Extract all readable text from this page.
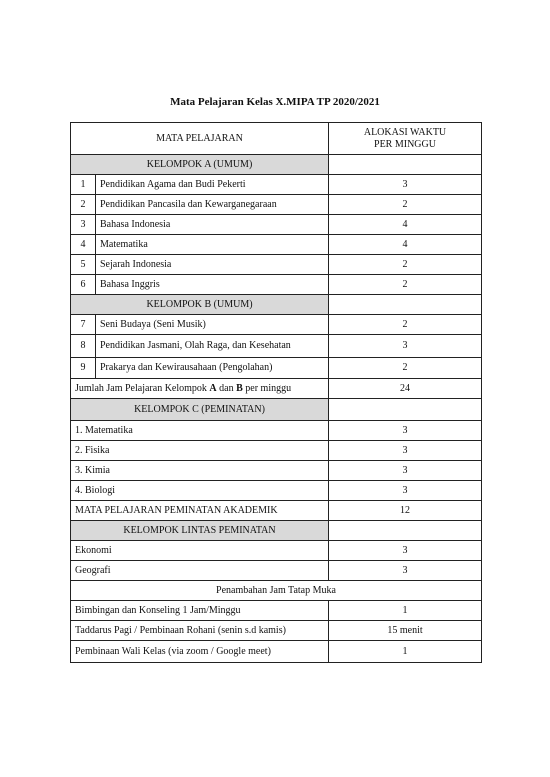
Mata Pelajaran Kelas X.MIPA TP 2020/2021
MATA PELAJARAN		ALOKASI WAKTU
PER MINGGU
KELOMPOK A (UMUM)		
1	Pendidikan Agama dan Budi Pekerti	3
2	Pendidikan Pancasila dan Kewarganegaraan	2
3	Bahasa Indonesia	4
4	Matematika	4
5	Sejarah Indonesia	2
6	Bahasa Inggris	2
KELOMPOK B (UMUM)		
7	Seni Budaya (Seni Musik)	2
8	Pendidikan Jasmani, Olah Raga, dan Kesehatan	3
9	Prakarya dan Kewirausahaan (Pengolahan)	2
Jumlah Jam Pelajaran Kelompok A dan B per minggu		24
KELOMPOK C (PEMINATAN)		
1. Matematika		3
2. Fisika		3
3. Kimia		3
4. Biologi		3
MATA PELAJARAN PEMINATAN AKADEMIK		12
KELOMPOK LINTAS PEMINATAN		
Ekonomi		3
Geografi		3
Penambahan Jam Tatap Muka		
Bimbingan dan Konseling 1 Jam/Minggu		1
Taddarus Pagi / Pembinaan Rohani (senin s.d kamis)		15 menit
Pembinaan Wali Kelas (via zoom / Google meet)		1
